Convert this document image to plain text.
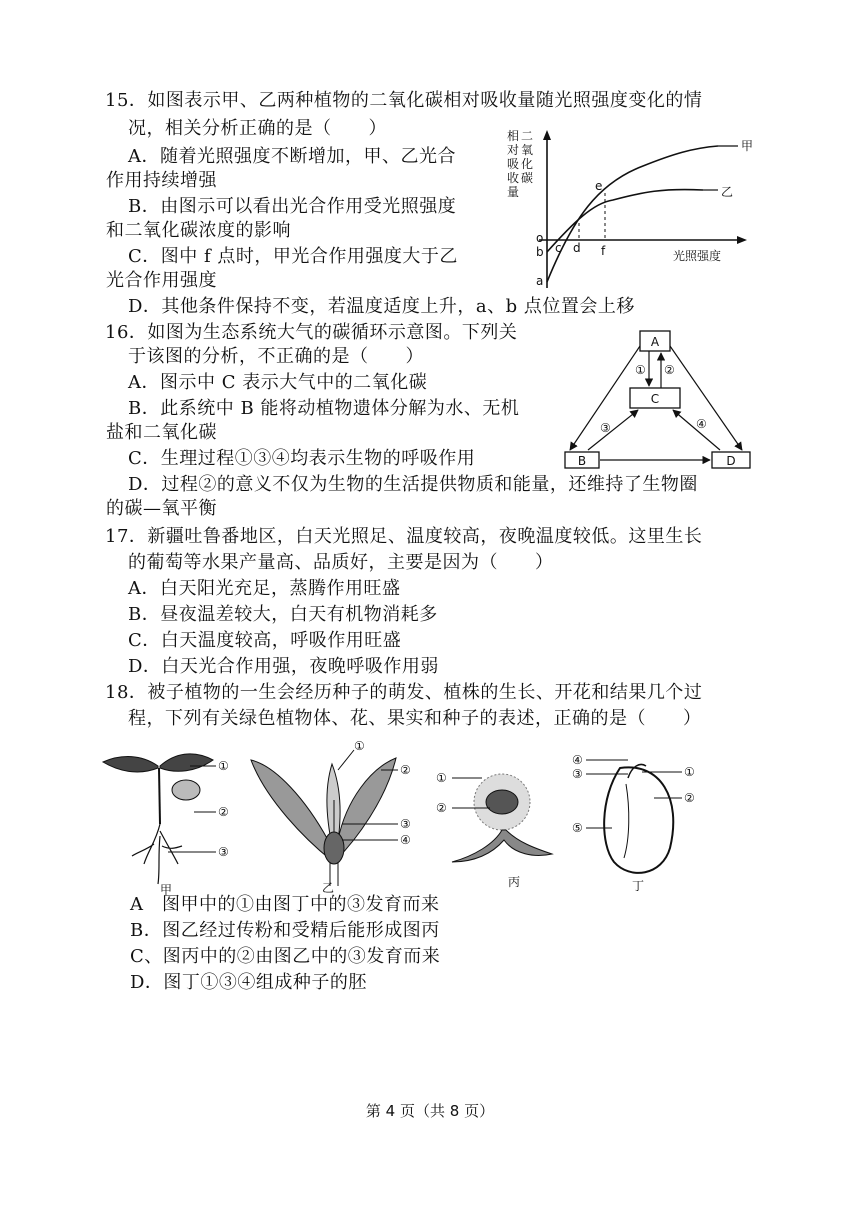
15．如图表示甲、乙两种植物的二氧化碳相对吸收量随光照强度变化的情
况，相关分析正确的是（　　）
A．随着光照强度不断增加，甲、乙光合
作用持续增强
B．由图示可以看出光合作用受光照强度
和二氧化碳浓度的影响
C．图中 f 点时，甲光合作用强度大于乙
光合作用强度
D．其他条件保持不变，若温度适度上升，a、b 点位置会上移
相
对
吸
收
量
二
氧
化
碳
甲
乙
光照强度
o
b
a
c d
e
f
16．如图为生态系统大气的碳循环示意图。下列关
于该图的分析，不正确的是（　　）
A．图示中 C 表示大气中的二氧化碳
B．此系统中 B 能将动植物遗体分解为水、无机
盐和二氧化碳
C．生理过程①③④均表示生物的呼吸作用
D．过程②的意义不仅为生物的生活提供物质和能量，还维持了生物圈
的碳—氧平衡
A
C
B	D
① ②
③	④
17．新疆吐鲁番地区，白天光照足、温度较高，夜晚温度较低。这里生长
的葡萄等水果产量高、品质好，主要是因为（　　）
A．白天阳光充足，蒸腾作用旺盛
B．昼夜温差较大，白天有机物消耗多
C．白天温度较高，呼吸作用旺盛
D．白天光合作用强，夜晚呼吸作用弱
18．被子植物的一生会经历种子的萌发、植株的生长、开花和结果几个过
程，下列有关绿色植物体、花、果实和种子的表述，正确的是（　　）
①
②
③
甲
①
②
③
④
乙
①
②
丙
④
③	①
②
⑤
丁
A　图甲中的①由图丁中的③发育而来
B．图乙经过传粉和受精后能形成图丙
C、图丙中的②由图乙中的③发育而来
D．图丁①③④组成种子的胚
第 4 页（共 8 页）
